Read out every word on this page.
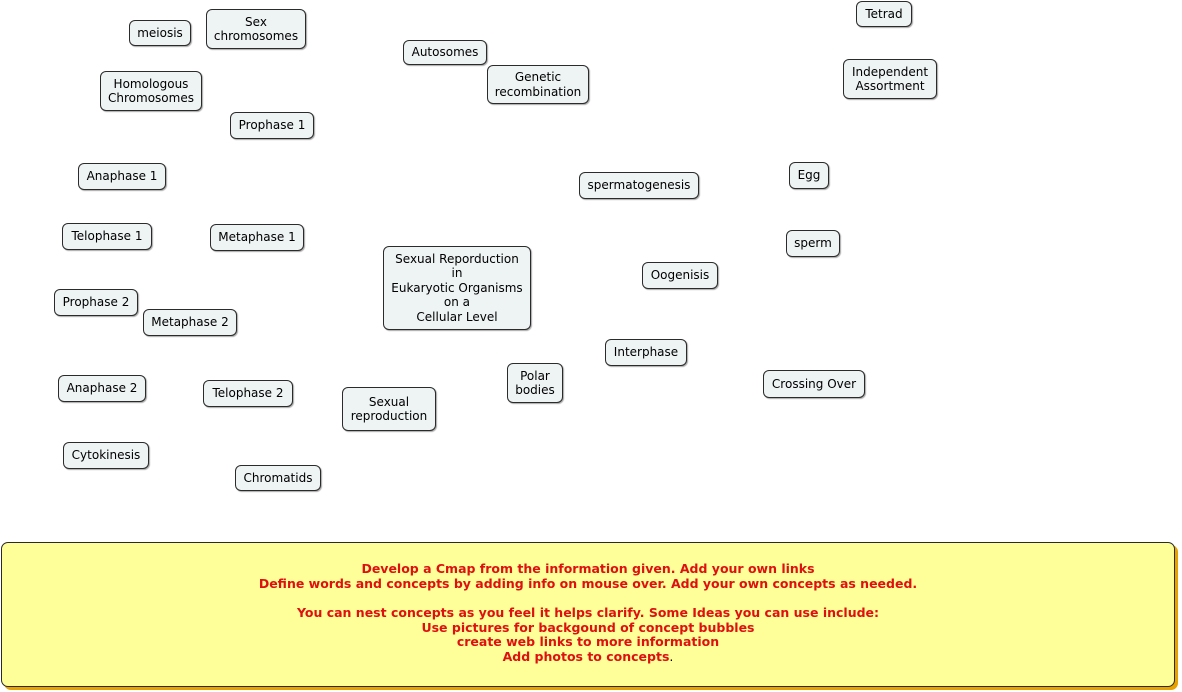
meiosis
Sex
chromosomes
Autosomes
Genetic
recombination
Tetrad
Independent
Assortment
Homologous
Chromosomes
Prophase 1
Anaphase 1
spermatogenesis
Egg
Telophase 1	Metaphase 1	sperm
Sexual Reporduction
in
Eukaryotic Organisms
on a
Cellular Level
Oogenisis
Prophase 2
Metaphase 2
Interphase
Polar
bodies	Crossing Over
Anaphase 2	Telophase 2
Sexual
reproduction
Cytokinesis
Chromatids

Develop a Cmap from the information given. Add your own links

Define words and concepts by adding info on mouse over. Add your own concepts as needed.

You can nest concepts as you feel it helps clarify. Some Ideas you can use include:

Use pictures for backgound of concept bubbles

create web links to more information

Add photos to concepts.
